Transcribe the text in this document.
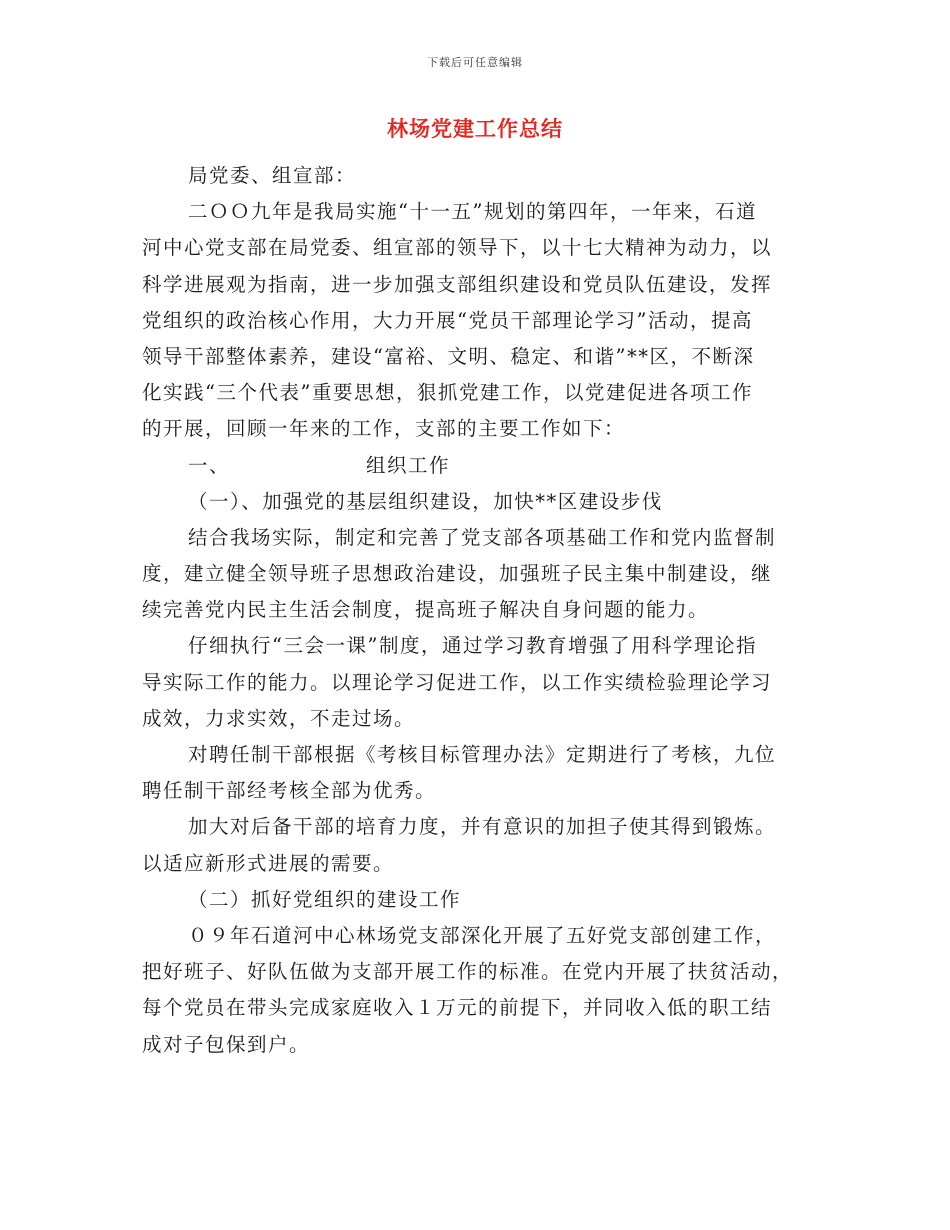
下载后可任意编辑
林场党建工作总结
局党委、组宣部：
二ＯＯ九年是我局实施“十一五”规划的第四年，一年来，石道
河中心党支部在局党委、组宣部的领导下，以十七大精神为动力，以
科学进展观为指南，进一步加强支部组织建设和党员队伍建设，发挥
党组织的政治核心作用，大力开展“党员干部理论学习”活动，提高
领导干部整体素养，建设“富裕、文明、稳定、和谐”**区，不断深
化实践“三个代表”重要思想，狠抓党建工作，以党建促进各项工作
的开展，回顾一年来的工作，支部的主要工作如下：
一、	组织工作
（一）、加强党的基层组织建设，加快**区建设步伐
结合我场实际，制定和完善了党支部各项基础工作和党内监督制
度，建立健全领导班子思想政治建设，加强班子民主集中制建设，继
续完善党内民主生活会制度，提高班子解决自身问题的能力。
仔细执行“三会一课”制度，通过学习教育增强了用科学理论指
导实际工作的能力。以理论学习促进工作，以工作实绩检验理论学习
成效，力求实效，不走过场。
对聘任制干部根据《考核目标管理办法》定期进行了考核，九位
聘任制干部经考核全部为优秀。
加大对后备干部的培育力度，并有意识的加担子使其得到锻炼。
以适应新形式进展的需要。
（二）抓好党组织的建设工作
０９年石道河中心林场党支部深化开展了五好党支部创建工作，
把好班子、好队伍做为支部开展工作的标准。在党内开展了扶贫活动，
每个党员在带头完成家庭收入１万元的前提下，并同收入低的职工结
成对子包保到户。
